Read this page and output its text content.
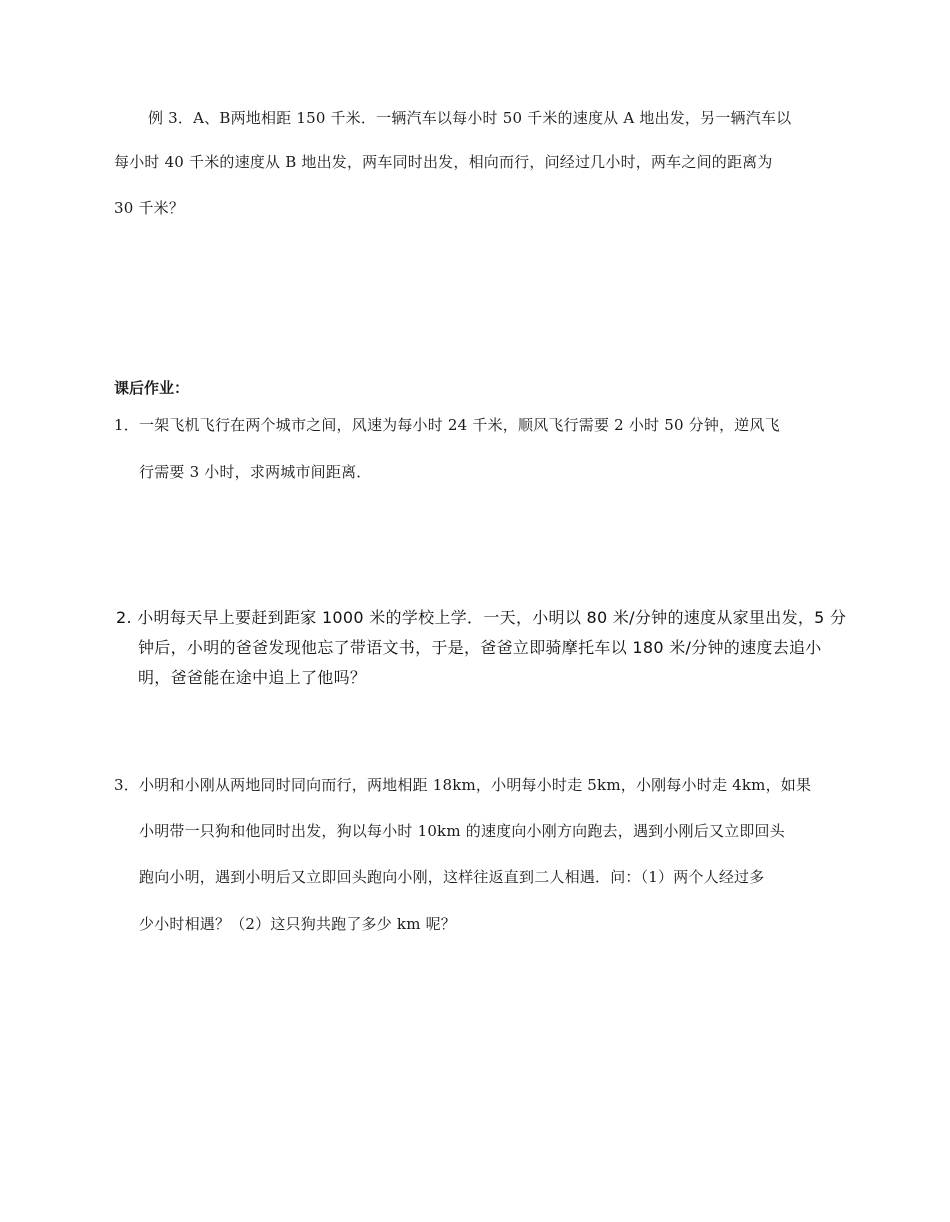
例 3．A、B两地相距 150 千米．一辆汽车以每小时 50 千米的速度从 A 地出发，另一辆汽车以
每小时 40 千米的速度从 B 地出发，两车同时出发，相向而行，问经过几小时，两车之间的距离为
30 千米？
课后作业：
1．一架飞机飞行在两个城市之间，风速为每小时 24 千米，顺风飞行需要 2 小时 50 分钟，逆风飞
行需要 3 小时，求两城市间距离．
2. 小明每天早上要赶到距家 1000 米的学校上学．一天，小明以 80 米/分钟的速度从家里出发，5 分
钟后，小明的爸爸发现他忘了带语文书，于是，爸爸立即骑摩托车以 180 米/分钟的速度去追小
明，爸爸能在途中追上了他吗？
3．小明和小刚从两地同时同向而行，两地相距 18km，小明每小时走 5km，小刚每小时走 4km，如果
小明带一只狗和他同时出发，狗以每小时 10km 的速度向小刚方向跑去，遇到小刚后又立即回头
跑向小明，遇到小明后又立即回头跑向小刚，这样往返直到二人相遇．问：（1）两个人经过多
少小时相遇？（2）这只狗共跑了多少 km 呢？
